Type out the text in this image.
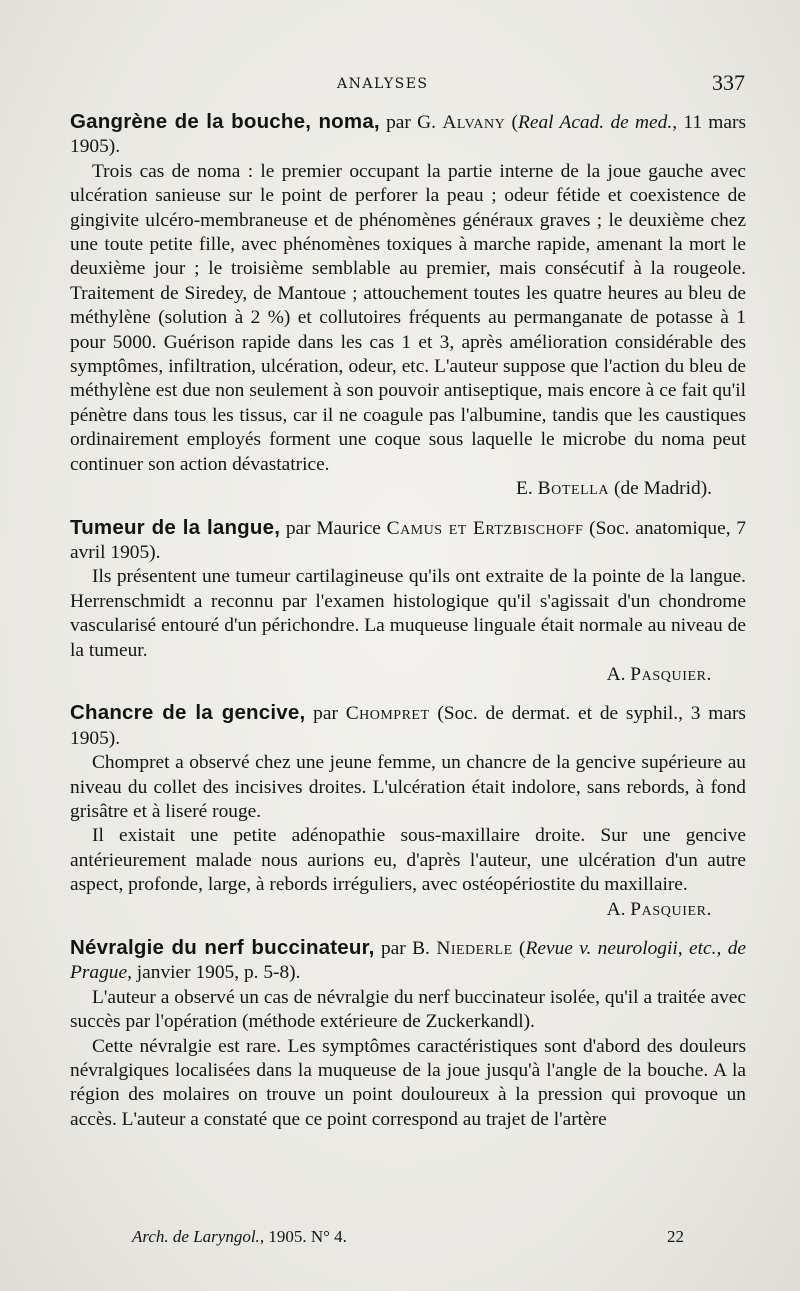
ANALYSES	337

Gangrène de la bouche, noma, par G. Alvany (Real Acad. de med., 11 mars 1905).

Trois cas de noma : le premier occupant la partie interne de la joue gauche avec ulcération sanieuse sur le point de perforer la peau ; odeur fétide et coexistence de gingivite ulcéro-membraneuse et de phénomènes généraux graves ; le deuxième chez une toute petite fille, avec phénomènes toxiques à marche rapide, amenant la mort le deuxième jour ; le troisième semblable au premier, mais consécutif à la rougeole. Traitement de Siredey, de Mantoue ; attouchement toutes les quatre heures au bleu de méthylène (solution à 2 %) et collutoires fréquents au permanganate de potasse à 1 pour 5000. Guérison rapide dans les cas 1 et 3, après amélioration considérable des symptômes, infiltration, ulcération, odeur, etc. L'auteur suppose que l'action du bleu de méthylène est due non seulement à son pouvoir antiseptique, mais encore à ce fait qu'il pénètre dans tous les tissus, car il ne coagule pas l'albumine, tandis que les caustiques ordinairement employés forment une coque sous laquelle le microbe du noma peut continuer son action dévastatrice.

E. Botella (de Madrid).

Tumeur de la langue, par Maurice Camus et Ertzbischoff (Soc. anatomique, 7 avril 1905).

Ils présentent une tumeur cartilagineuse qu'ils ont extraite de la pointe de la langue. Herrenschmidt a reconnu par l'examen histologique qu'il s'agissait d'un chondrome vascularisé entouré d'un périchondre. La muqueuse linguale était normale au niveau de la tumeur.

A. Pasquier.

Chancre de la gencive, par Chompret (Soc. de dermat. et de syphil., 3 mars 1905).

Chompret a observé chez une jeune femme, un chancre de la gencive supérieure au niveau du collet des incisives droites. L'ulcération était indolore, sans rebords, à fond grisâtre et à liseré rouge.

Il existait une petite adénopathie sous-maxillaire droite. Sur une gencive antérieurement malade nous aurions eu, d'après l'auteur, une ulcération d'un autre aspect, profonde, large, à rebords irréguliers, avec ostéopériostite du maxillaire.

A. Pasquier.

Névralgie du nerf buccinateur, par B. Niederle (Revue v. neurologii, etc., de Prague, janvier 1905, p. 5-8).

L'auteur a observé un cas de névralgie du nerf buccinateur isolée, qu'il a traitée avec succès par l'opération (méthode extérieure de Zuckerkandl).

Cette névralgie est rare. Les symptômes caractéristiques sont d'abord des douleurs névralgiques localisées dans la muqueuse de la joue jusqu'à l'angle de la bouche. A la région des molaires on trouve un point douloureux à la pression qui provoque un accès. L'auteur a constaté que ce point correspond au trajet de l'artère

Arch. de Laryngol., 1905. N° 4.	22
